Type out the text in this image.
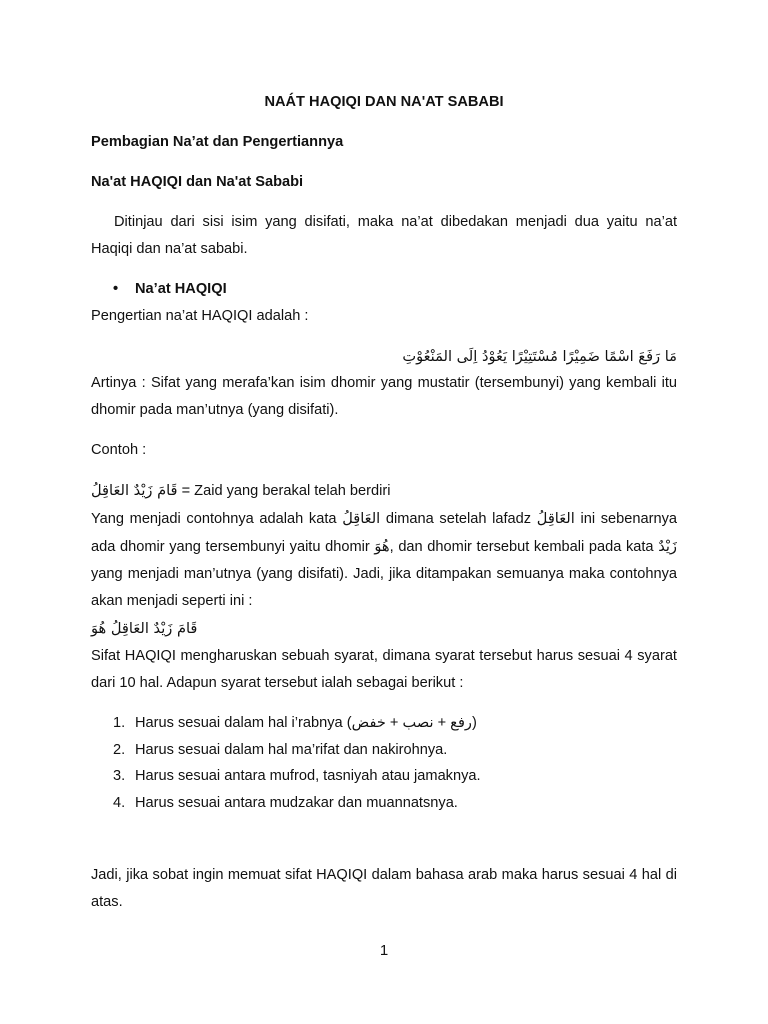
NAÁT HAQIQI DAN NA'AT SABABI
Pembagian Na’at dan Pengertiannya
Na'at HAQIQI dan Na'at Sababi

Ditinjau dari sisi isim yang disifati, maka na’at dibedakan menjadi dua yaitu na’at Haqiqi dan na’at sababi.

•	Na’at HAQIQI

Pengertian na’at HAQIQI adalah :

مَا رَفَعَ اسْمًا ضَمِيْرًا مُسْتَتِيْرًا يَعُوْدُ اِلَى المَنْعُوْتِ

Artinya : Sifat yang merafa’kan isim dhomir yang mustatir (tersembunyi) yang kembali itu dhomir pada man’utnya (yang disifati).

Contoh :

قَامَ زَيْدٌ العَاقِلُ = Zaid yang berakal telah berdiri

Yang menjadi contohnya adalah kata العَاقِلُ dimana setelah lafadz العَاقِلُ ini sebenarnya ada dhomir yang tersembunyi yaitu dhomir هُوَ, dan dhomir tersebut kembali pada kata زَيْدٌ yang menjadi man’utnya (yang disifati). Jadi, jika ditampakan semuanya maka contohnya akan menjadi seperti ini :

قَامَ زَيْدٌ العَاقِلُ هُوَ

Sifat HAQIQI mengharuskan sebuah syarat, dimana syarat tersebut harus sesuai 4 syarat dari 10 hal. Adapun syarat tersebut ialah sebagai berikut :

1. Harus sesuai dalam hal i’rabnya (رفع + نصب + خفض)
2. Harus sesuai dalam hal ma’rifat dan nakirohnya.
3. Harus sesuai antara mufrod, tasniyah atau jamaknya.
4. Harus sesuai antara mudzakar dan muannatsnya.

Jadi, jika sobat ingin memuat sifat HAQIQI dalam bahasa arab maka harus sesuai 4 hal di atas.

1
